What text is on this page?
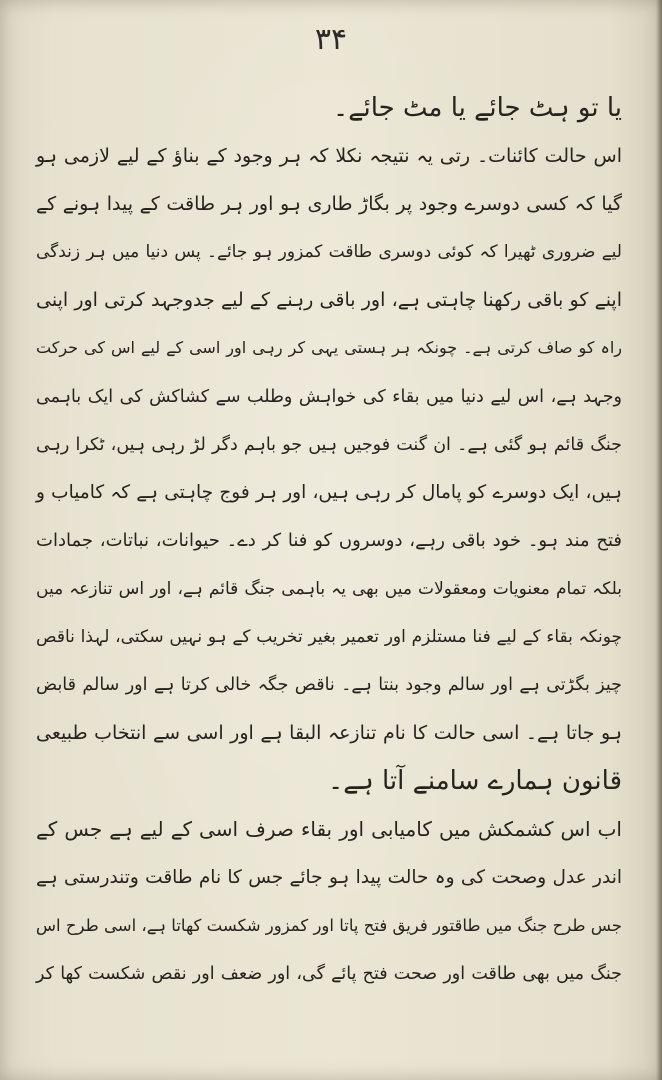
۳۴
یا تو ہٹ جائے یا مٹ جائے۔
اس حالت کائنات۔ رتی یہ نتیجہ نکلا کہ ہر وجود کے بناؤ کے لیے لازمی ہو
گیا کہ کسی دوسرے وجود پر بگاڑ طاری ہو اور ہر طاقت کے پیدا ہونے کے
لیے ضروری ٹھیرا کہ کوئی دوسری طاقت کمزور ہو جائے۔ پس دنیا میں ہر زندگی
اپنے کو باقی رکھنا چاہتی ہے، اور باقی رہنے کے لیے جدوجہد کرتی اور اپنی
راہ کو صاف کرتی ہے۔ چونکہ ہر ہستی یہی کر رہی اور اسی کے لیے اس کی حرکت
وجہد ہے، اس لیے دنیا میں بقاء کی خواہش وطلب سے کشاکش کی ایک باہمی
جنگ قائم ہو گئی ہے۔ ان گنت فوجیں ہیں جو باہم دگر لڑ رہی ہیں، ٹکرا رہی
ہیں، ایک دوسرے کو پامال کر رہی ہیں، اور ہر فوج چاہتی ہے کہ کامیاب و
فتح مند ہو۔ خود باقی رہے، دوسروں کو فنا کر دے۔ حیوانات، نباتات، جمادات
بلکہ تمام معنویات ومعقولات میں بھی یہ باہمی جنگ قائم ہے، اور اس تنازعہ میں
چونکہ بقاء کے لیے فنا مستلزم اور تعمیر بغیر تخریب کے ہو نہیں سکتی، لہذا ناقص
چیز بگڑتی ہے اور سالم وجود بنتا ہے۔ ناقص جگہ خالی کرتا ہے اور سالم قابض
ہو جاتا ہے۔ اسی حالت کا نام تنازعہ البقا ہے اور اسی سے انتخاب طبیعی
قانون ہمارے سامنے آتا ہے۔
اب اس کشمکش میں کامیابی اور بقاء صرف اسی کے لیے ہے جس کے
اندر عدل وصحت کی وہ حالت پیدا ہو جائے جس کا نام طاقت وتندرستی ہے
جس طرح جنگ میں طاقتور فریق فتح پاتا اور کمزور شکست کھاتا ہے، اسی طرح اس
جنگ میں بھی طاقت اور صحت فتح پائے گی، اور ضعف اور نقص شکست کھا کر
